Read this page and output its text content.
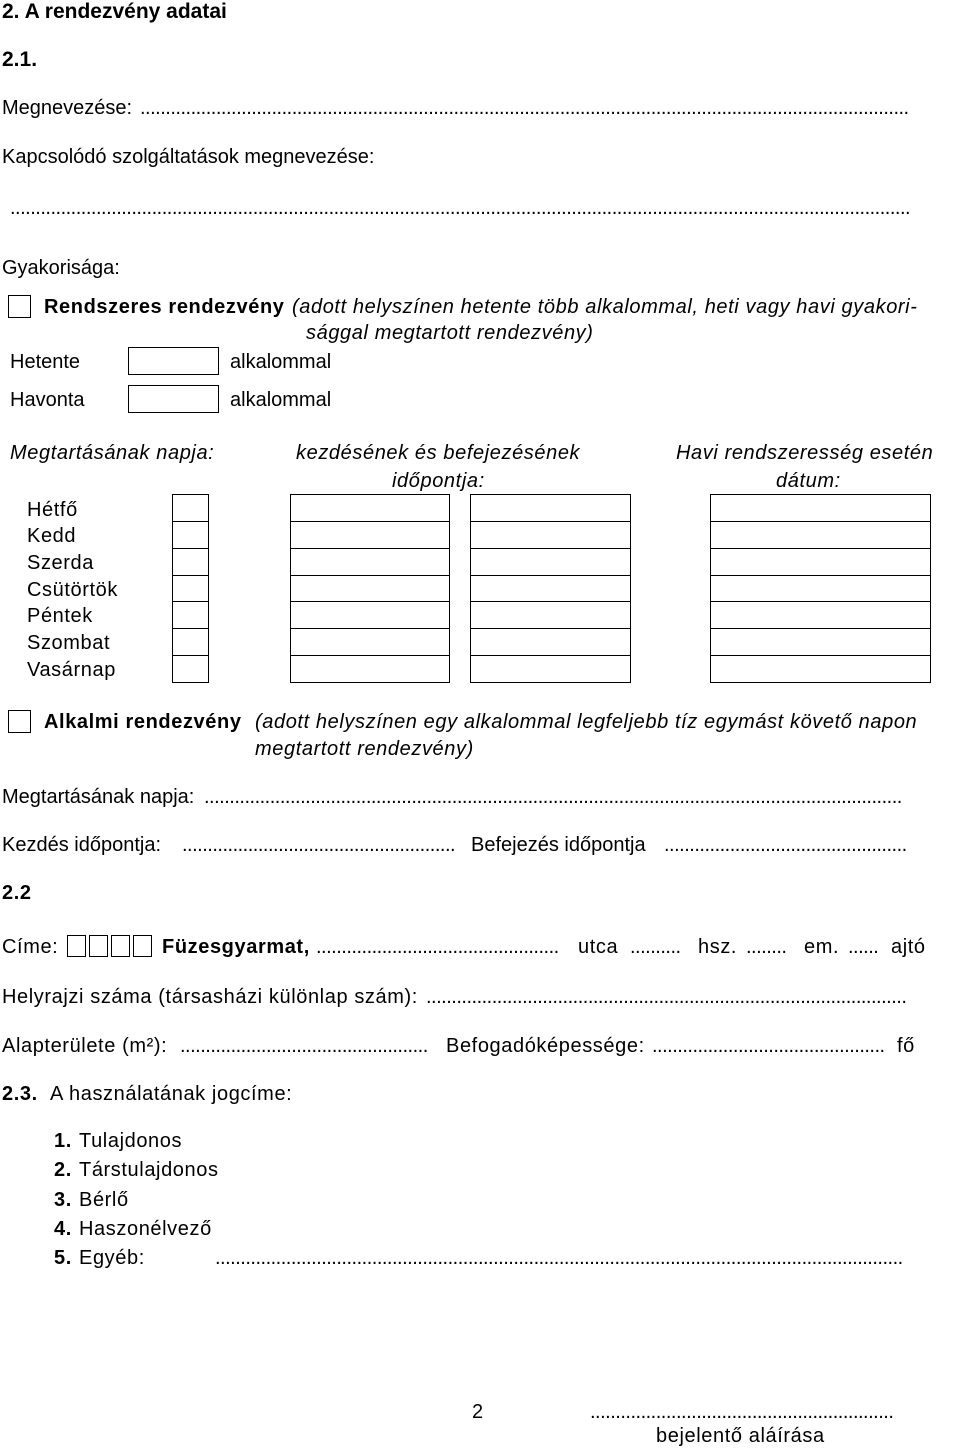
2. A rendezvény adatai
2.1.
Megnevezése: ........................................................................................................................................................
Kapcsolódó szolgáltatások megnevezése:
..................................................................................................................................................................................
Gyakorisága:
Rendszeres rendezvény (adott helyszínen hetente több alkalommal, heti vagy havi gyakori-
sággal megtartott rendezvény)
Hetente	alkalommal
Havonta	alkalommal
Megtartásának napja:	kezdésének és befejezésének
időpontja:
Havi rendszeresség esetén
dátum:
Hétfő
Kedd
Szerda
Csütörtök
Péntek
Szombat
Vasárnap
Alkalmi rendezvény (adott helyszínen egy alkalommal legfeljebb tíz egymást követő napon
megtartott rendezvény)
Megtartásának napja: ..........................................................................................................................................
Kezdés időpontja: ...................................................... Befejezés időpontja ................................................
2.2
Címe:	Füzesgyarmat, ................................................ utca .......... hsz. ........ em. ...... ajtó
Helyrajzi száma (társasházi különlap szám): ...............................................................................................
Alapterülete (m²): ................................................. Befogadóképessége: .............................................. fő
2.3. A használatának jogcíme:
1. Tulajdonos
2. Társtulajdonos
3. Bérlő
4. Haszonélvező
5. Egyéb:	........................................................................................................................................
2	............................................................
bejelentő aláírása
